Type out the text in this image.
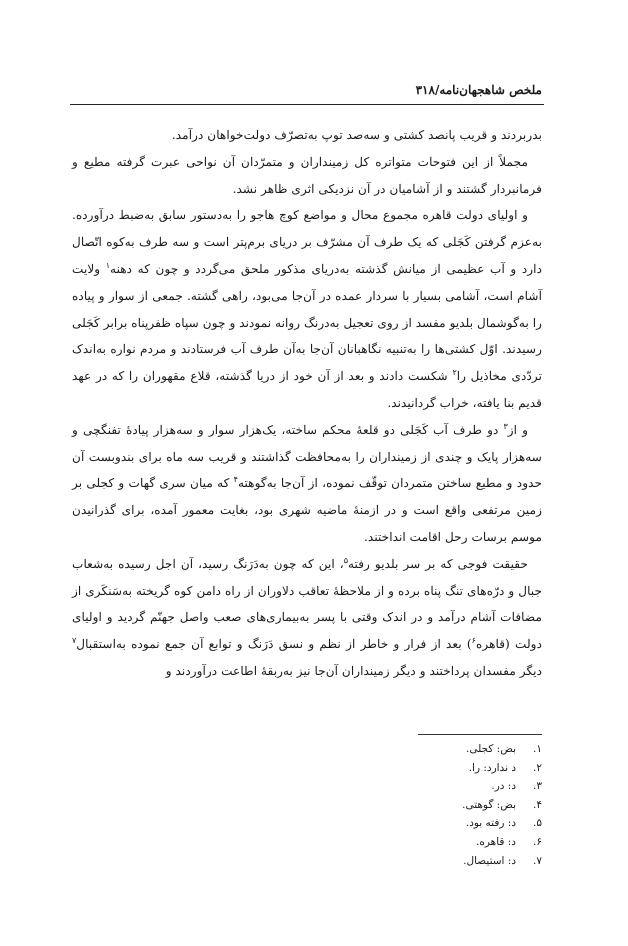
ملخص شاهجهان‌نامه/۳۱۸

بدربردند و قریب پانصد کشتی و سه‌صد توپ به‌تصرّف دولت‌خواهان درآمد.

مجملاً از این فتوحات متواتره کل زمینداران و متمرّدان آن نواحی عبرت گرفته مطیع و فرمانبردار گشتند و از آشامیان در آن نزدیکی اثری ظاهر نشد.

و اولیای دولت قاهره مجموع محال و مواضع کوچ هاجو را به‌دستور سابق به‌ضبط درآورده. به‌عزم گرفتن کَجَلی که یک طرف آن مشرّف بر دریای برم‌پتر است و سه طرف به‌کوه اتّصال دارد و آب عظیمی از میانش گذشته به‌دریای مذکور ملحق می‌گردد و چون که دهنه$^۱$ ولایت آشام است، آشامی بسیار با سردار عمده در آن‌جا می‌بود، راهی گشته. جمعی از سوار و پیاده را به‌گوشمال بلدیو مفسد از روی تعجیل به‌درنگ روانه نمودند و چون سپاه ظفرپناه برابر کَجَلی رسیدند. اوّل کشتی‌ها را به‌تنبیه نگاهبانان آن‌جا به‌آن طرف آب فرستادند و مردم نواره به‌اندک تردّدی مخاذیل را$^۲$ شکست دادند و بعد از آن خود از دریا گذشته، قلاع مقهوران را که در عهد قدیم بنا یافته، خراب گردانیدند.

و از$^۳$ دو طرف آب کَجَلی دو قلعهٔ محکم ساخته، یک‌هزار سوار و سه‌هزار پیادهٔ تفنگچی و سه‌هزار پایک و چندی از زمینداران را به‌محافظت گذاشتند و قریب سه ماه برای بندوبست آن حدود و مطیع ساختن متمردان توقّف نموده، از آن‌جا به‌گوهته$^۴$ که میان سری گهات و کجلی بر زمین مرتفعی واقع است و در ازمنهٔ ماضیه شهری بود، بغایت معمور آمده، برای گذرانیدن موسم برسات رحل اقامت انداختند.

حقیقت فوجی که بر سر بلدیو رفته$^۵$، این که چون به‌دَرَنگ رسید، آن اجل رسیده به‌شعاب جبال و درّه‌های تنگ پناه برده و از ملاحظهٔ تعاقب دلاوران از راه دامن کوه گریخته به‌سَنکَری از مضافات آشام درآمد و در اندک وقتی با پسر به‌بیماری‌های صعب واصل جهنّم گردید و اولیای دولت (قاهره$^۶$) بعد از فرار و خاطر از نظم و نسق دَرَنگ و توابع آن جمع نموده به‌استقبال$^۷$ دیگر مفسدان پرداختند و دیگر زمینداران آن‌جا نیز به‌ربقهٔ اطاعت درآوردند و

۱.
بض: کجلی.
۲.
د ندارد: را.
۳.
د: در.
۴.
بض: گوهتی.
۵.
د: رفته بود.
۶.
د: قاهره.
۷.
د: استیصال.
